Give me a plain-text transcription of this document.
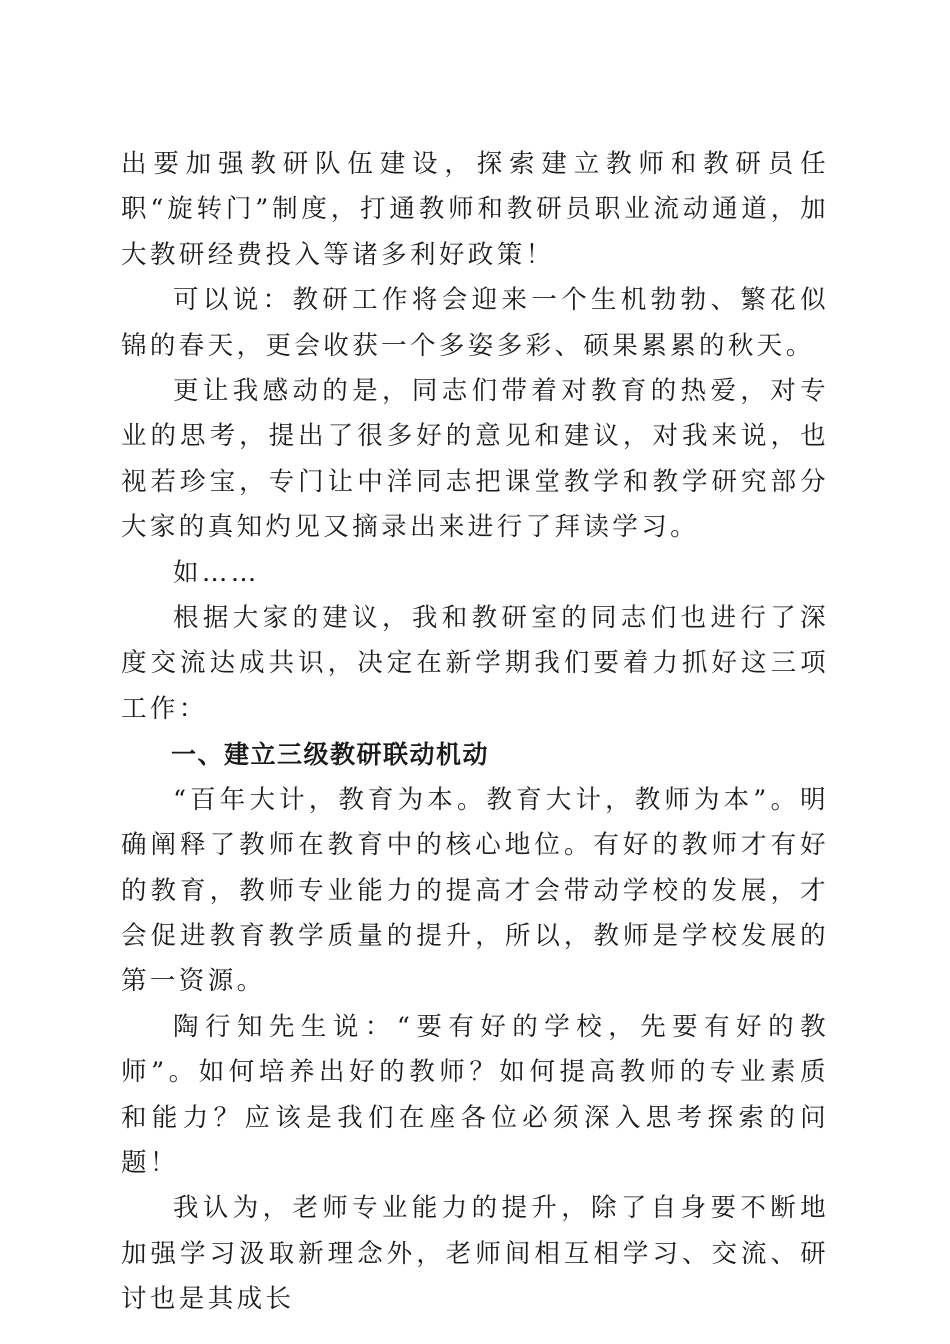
出要加强教研队伍建设，探索建立教师和教研员任职“旋转门”制度，打通教师和教研员职业流动通道，加大教研经费投入等诸多利好政策！

可以说：教研工作将会迎来一个生机勃勃、繁花似锦的春天，更会收获一个多姿多彩、硕果累累的秋天。

更让我感动的是，同志们带着对教育的热爱，对专业的思考，提出了很多好的意见和建议，对我来说，也视若珍宝，专门让中洋同志把课堂教学和教学研究部分大家的真知灼见又摘录出来进行了拜读学习。

如……

根据大家的建议，我和教研室的同志们也进行了深度交流达成共识，决定在新学期我们要着力抓好这三项工作：

一、建立三级教研联动机动

“百年大计，教育为本。教育大计，教师为本”。明确阐释了教师在教育中的核心地位。有好的教师才有好的教育，教师专业能力的提高才会带动学校的发展，才会促进教育教学质量的提升，所以，教师是学校发展的第一资源。

陶行知先生说：“要有好的学校，先要有好的教师”。如何培养出好的教师？如何提高教师的专业素质和能力？应该是我们在座各位必须深入思考探索的问题！

我认为，老师专业能力的提升，除了自身要不断地加强学习汲取新理念外，老师间相互相学习、交流、研讨也是其成长
